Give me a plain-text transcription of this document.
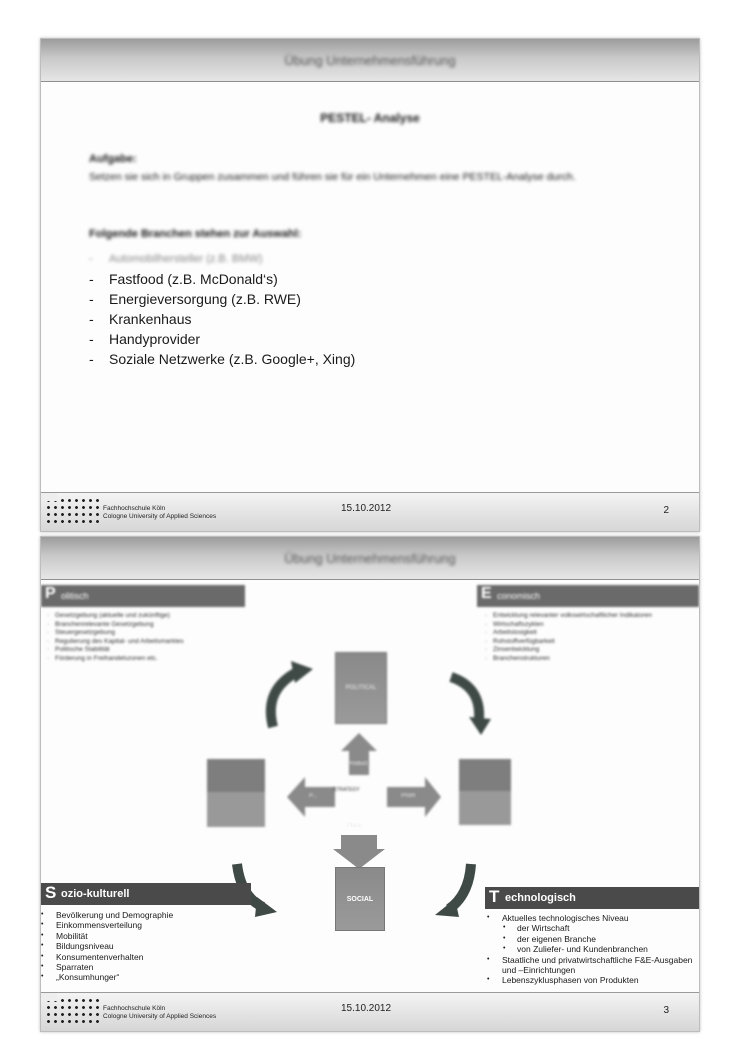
Übung Unternehmensführung
PESTEL- Analyse
Aufgabe:
Setzen sie sich in Gruppen zusammen und führen sie für ein Unternehmen eine PESTEL-Analyse durch.
Folgende Branchen stehen zur Auswahl:
- Automobilhersteller (z.B. BMW)
- Fastfood (z.B. McDonald‘s)
- Energieversorgung (z.B. RWE)
- Krankenhaus
- Handyprovider
- Soziale Netzwerke (z.B. Google+, Xing)
Fachhochschule Köln
Cologne University of Applied Sciences
15.10.2012	2
Übung Unternehmensführung
P olitisch
· Gesetzgebung (aktuelle und zukünftige)
· Branchenrelevante Gesetzgebung
· Steuergesetzgebung
· Regulierung des Kapital- und Arbeitsmarktes
· Politische Stabilität
· Förderung in Freihandelszonen etc.
E conomisch
· Entwicklung relevanter volkswirtschaftlicher Indikatoren
· Wirtschaftszyklen
· Arbeitslosigkeit
· Rohstoffverfügbarkeit
· Zinsentwicklung
· Branchenstrukturen
POLITICAL
Product
P...	Prom
STRATEGY
Place
SOCIAL
S ozio-kulturell
• Bevölkerung und Demographie
• Einkommensverteilung
• Mobilität
• Bildungsniveau
• Konsumentenverhalten
• Sparraten
• „Konsumhunger“
T echnologisch
• Aktuelles technologisches Niveau
• der Wirtschaft
• der eigenen Branche
• von Zuliefer- und Kundenbranchen
• Staatliche und privatwirtschaftliche F&E-Ausgaben und –Einrichtungen
• Lebenszyklusphasen von Produkten
Fachhochschule Köln
Cologne University of Applied Sciences
15.10.2012	3
